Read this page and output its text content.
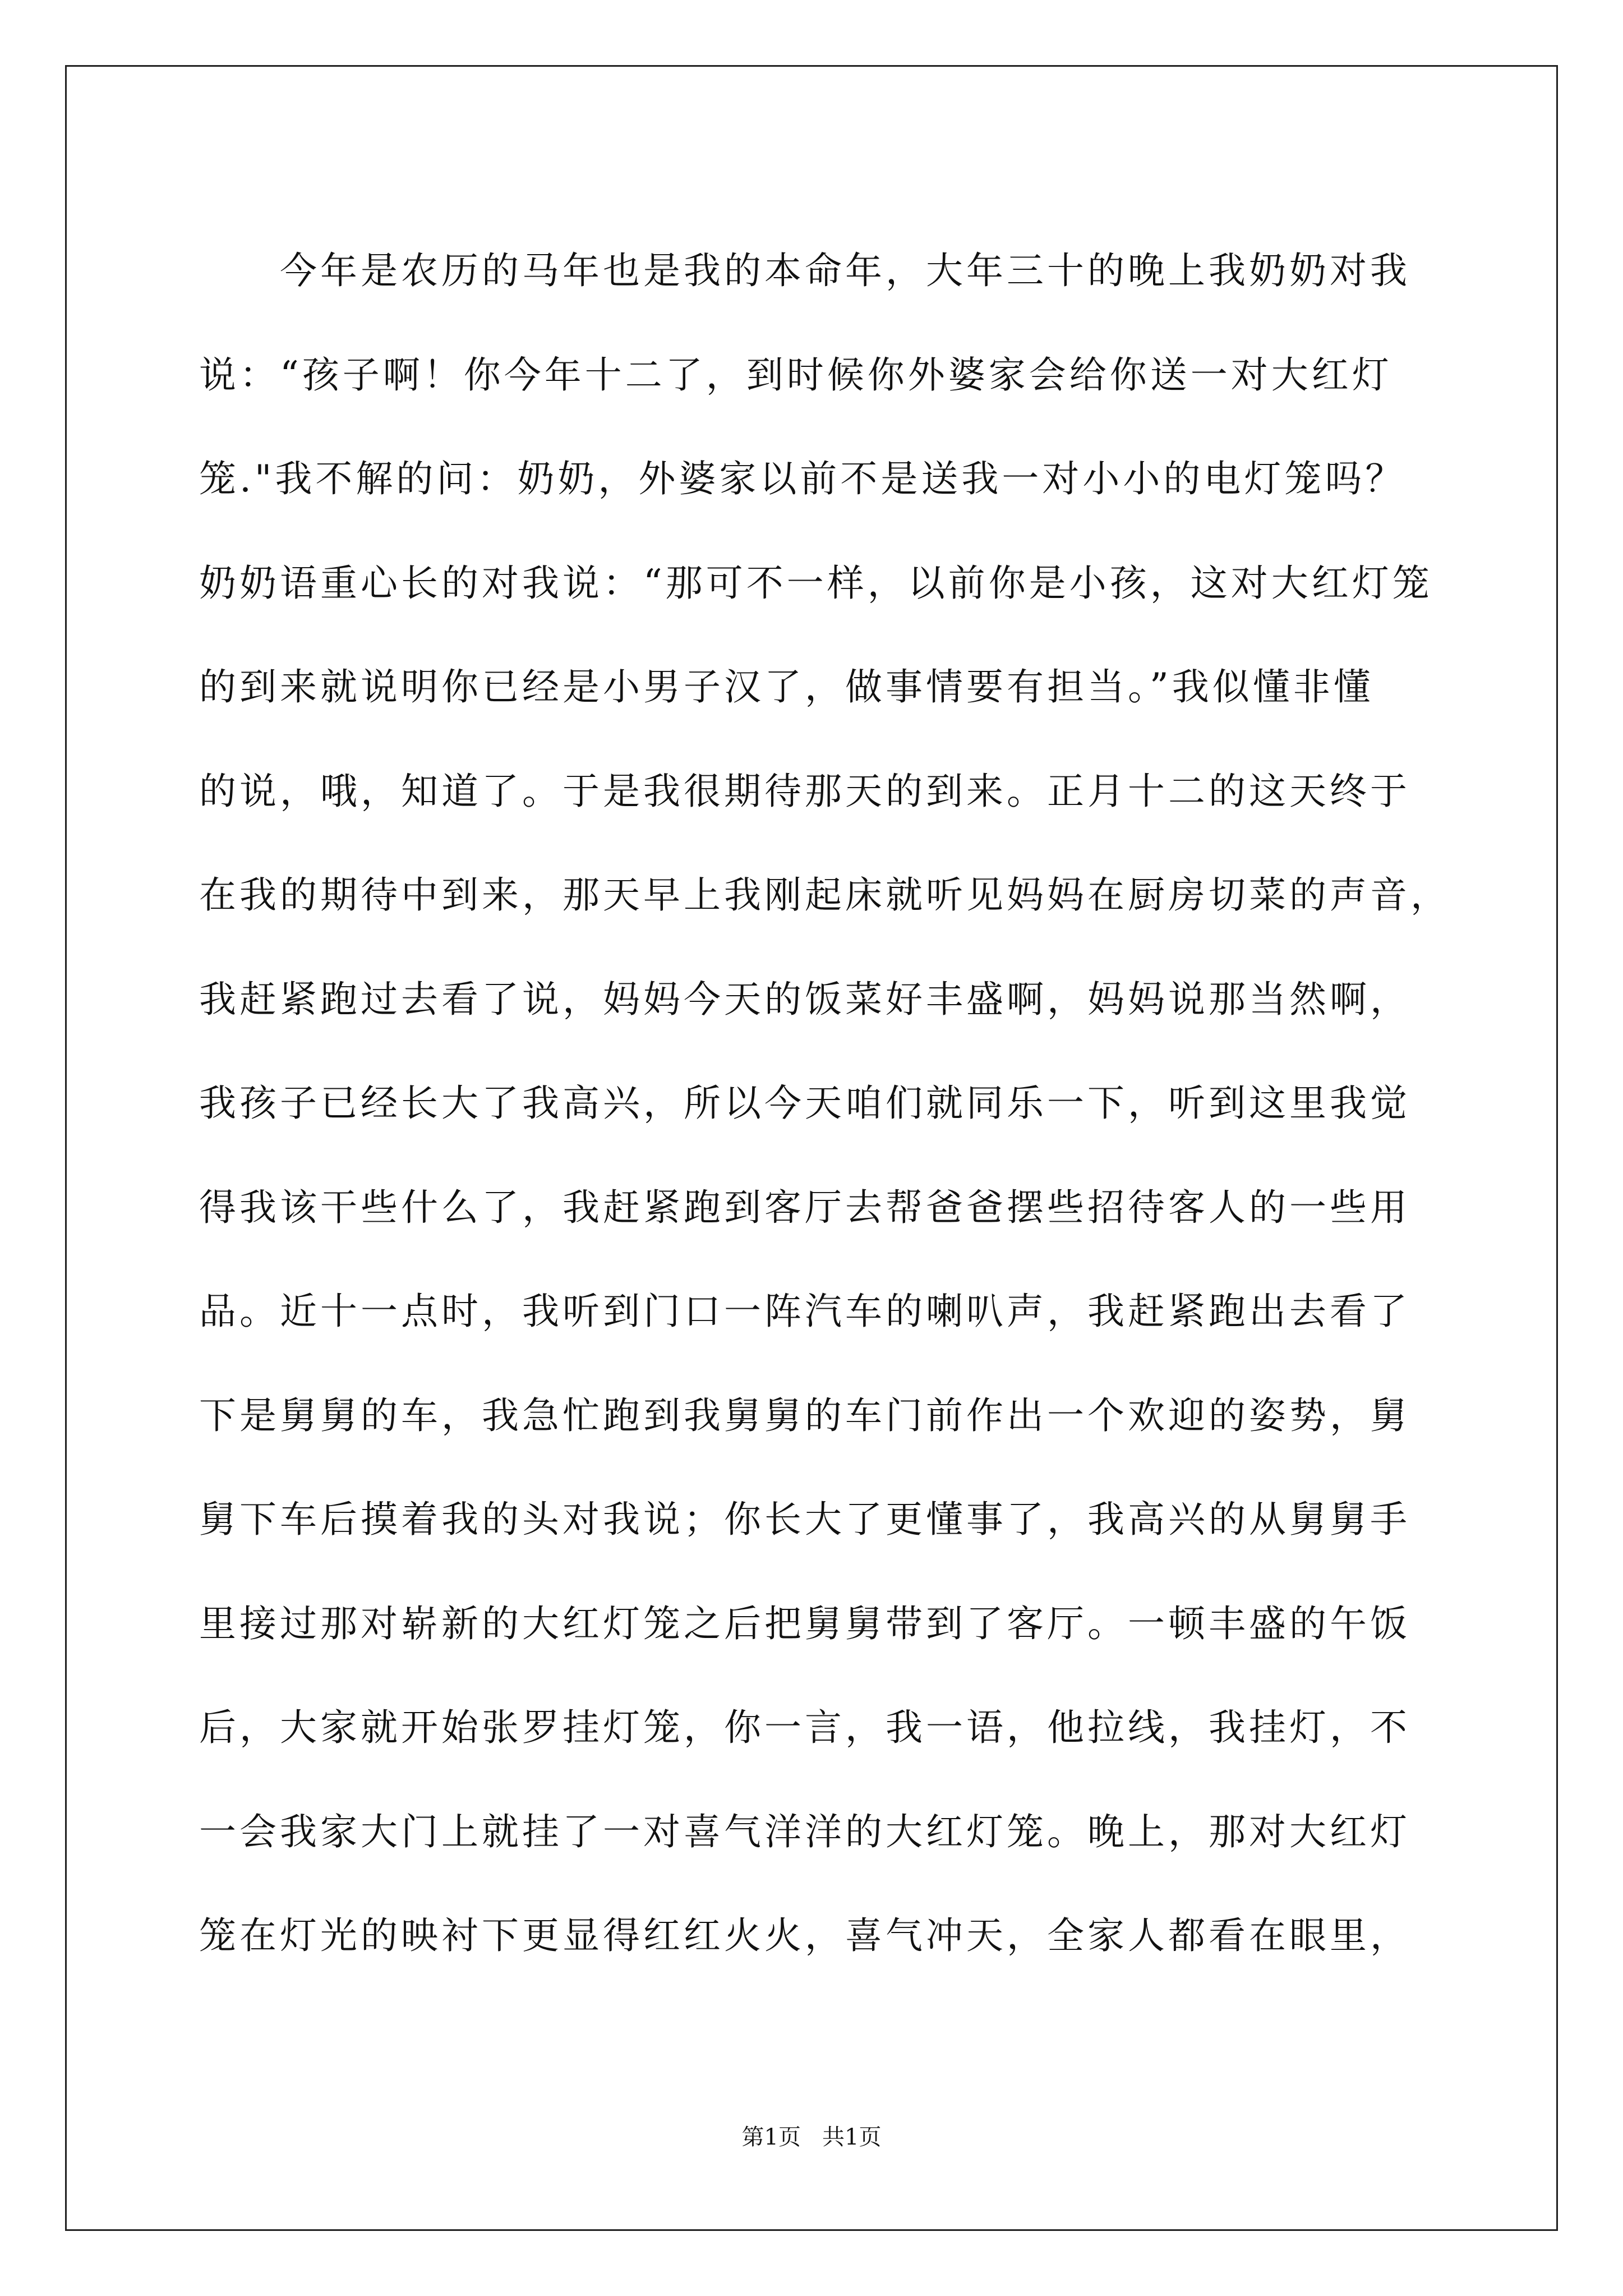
　　今年是农历的马年也是我的本命年，大年三十的晚上我奶奶对我
说：“孩子啊！你今年十二了，到时候你外婆家会给你送一对大红灯
笼."我不解的问：奶奶，外婆家以前不是送我一对小小的电灯笼吗？
奶奶语重心长的对我说：“那可不一样，以前你是小孩，这对大红灯笼
的到来就说明你已经是小男子汉了，做事情要有担当。”我似懂非懂
的说，哦，知道了。于是我很期待那天的到来。正月十二的这天终于
在我的期待中到来，那天早上我刚起床就听见妈妈在厨房切菜的声音，
我赶紧跑过去看了说，妈妈今天的饭菜好丰盛啊，妈妈说那当然啊，
我孩子已经长大了我高兴，所以今天咱们就同乐一下，听到这里我觉
得我该干些什么了，我赶紧跑到客厅去帮爸爸摆些招待客人的一些用
品。近十一点时，我听到门口一阵汽车的喇叭声，我赶紧跑出去看了
下是舅舅的车，我急忙跑到我舅舅的车门前作出一个欢迎的姿势，舅
舅下车后摸着我的头对我说；你长大了更懂事了，我高兴的从舅舅手
里接过那对崭新的大红灯笼之后把舅舅带到了客厅。一顿丰盛的午饭
后，大家就开始张罗挂灯笼，你一言，我一语，他拉线，我挂灯，不
一会我家大门上就挂了一对喜气洋洋的大红灯笼。晚上，那对大红灯
笼在灯光的映衬下更显得红红火火，喜气冲天，全家人都看在眼里，
第1页 共1页
